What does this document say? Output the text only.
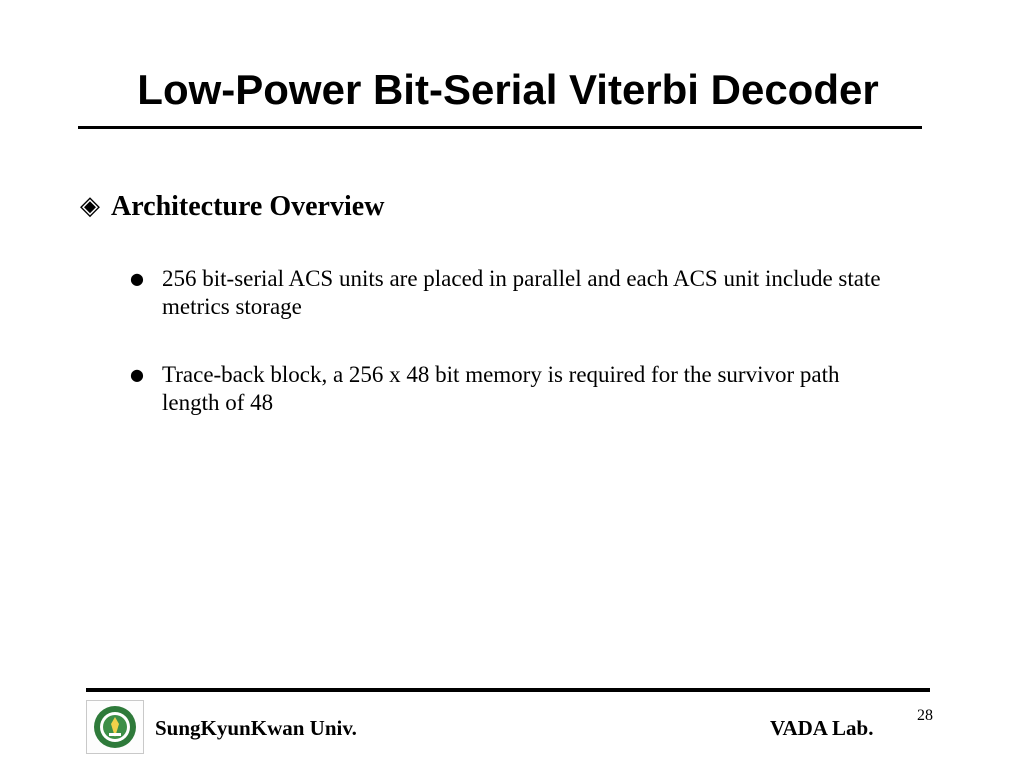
Low-Power Bit-Serial Viterbi Decoder
◈ Architecture Overview
● 256 bit-serial ACS units are placed in parallel and each ACS unit include state metrics storage
● Trace-back block, a 256 x 48 bit memory is required for the survivor path length of 48
SungKyunKwan Univ.	VADA Lab.
28
